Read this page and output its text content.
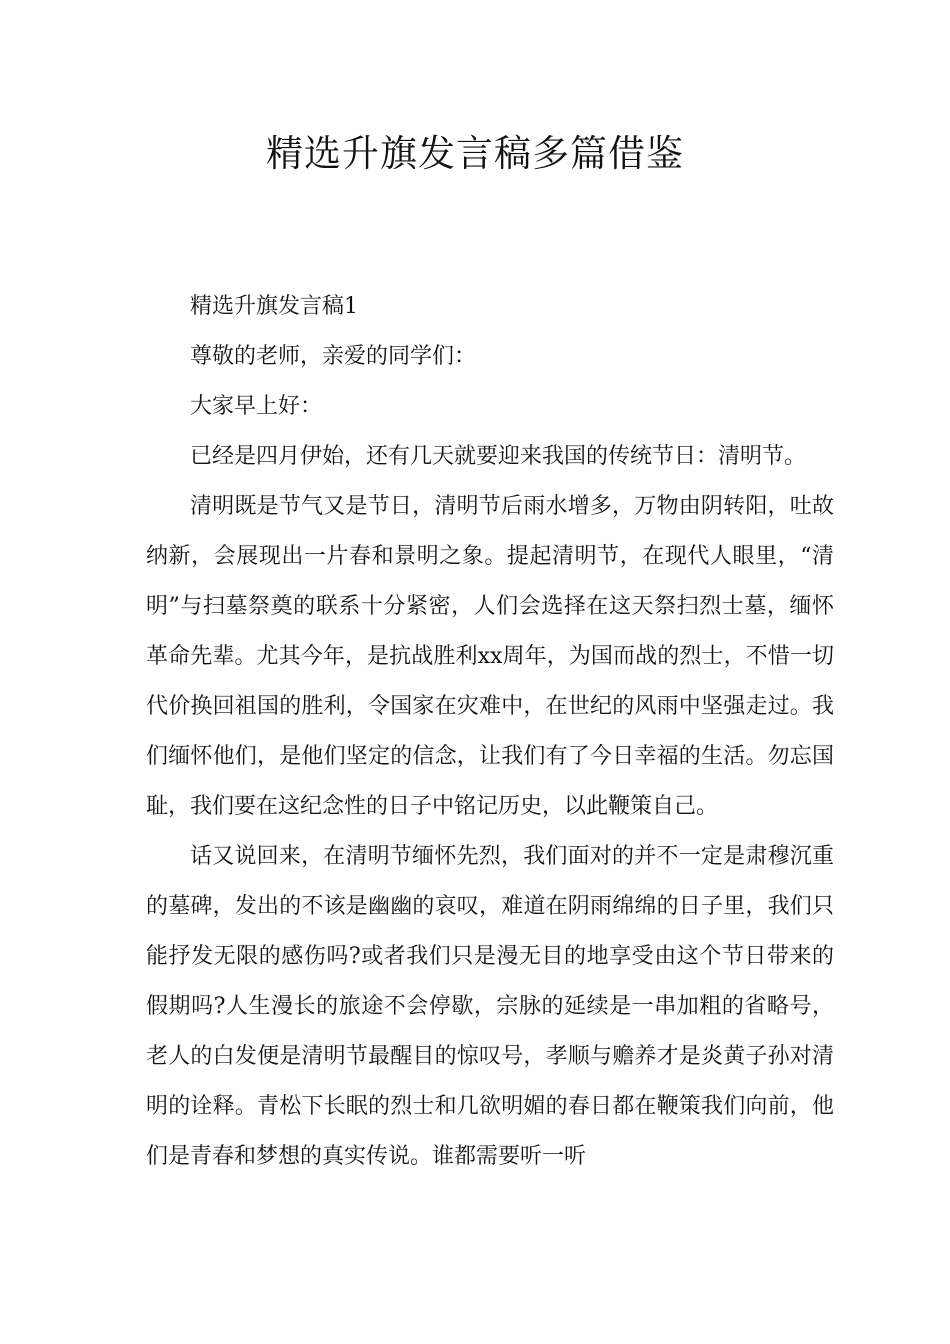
精选升旗发言稿多篇借鉴

精选升旗发言稿1

尊敬的老师，亲爱的同学们：

大家早上好：

已经是四月伊始，还有几天就要迎来我国的传统节日：清明节。

清明既是节气又是节日，清明节后雨水增多，万物由阴转阳，吐故纳新，会展现出一片春和景明之象。提起清明节，在现代人眼里，“清明”与扫墓祭奠的联系十分紧密，人们会选择在这天祭扫烈士墓，缅怀革命先辈。尤其今年，是抗战胜利xx周年，为国而战的烈士，不惜一切代价换回祖国的胜利，令国家在灾难中，在世纪的风雨中坚强走过。我们缅怀他们，是他们坚定的信念，让我们有了今日幸福的生活。勿忘国耻，我们要在这纪念性的日子中铭记历史，以此鞭策自己。

话又说回来，在清明节缅怀先烈，我们面对的并不一定是肃穆沉重的墓碑，发出的不该是幽幽的哀叹，难道在阴雨绵绵的日子里，我们只能抒发无限的感伤吗?或者我们只是漫无目的地享受由这个节日带来的假期吗?人生漫长的旅途不会停歇，宗脉的延续是一串加粗的省略号，老人的白发便是清明节最醒目的惊叹号，孝顺与赡养才是炎黄子孙对清明的诠释。青松下长眠的烈士和几欲明媚的春日都在鞭策我们向前，他们是青春和梦想的真实传说。谁都需要听一听
